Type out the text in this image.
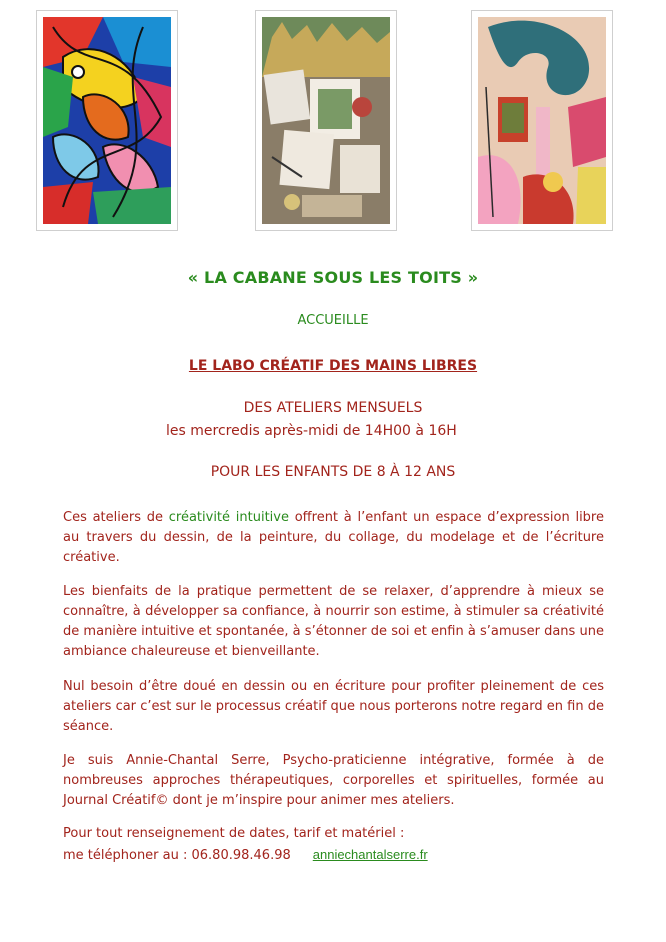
« LA CABANE SOUS LES TOITS »
ACCUEILLE
LE LABO CRÉATIF DES MAINS LIBRES
DES ATELIERS MENSUELS
les mercredis après-midi de 14H00 à 16H
POUR LES ENFANTS DE 8 À 12 ANS
Ces ateliers de créativité intuitive offrent à l’enfant un espace d’expression libre au travers du dessin, de la peinture, du collage, du modelage et de l’écriture créative.
Les bienfaits de la pratique permettent de se relaxer, d’apprendre à mieux se connaître, à développer sa confiance, à nourrir son estime, à stimuler sa créativité de manière intuitive et spontanée, à s’étonner de soi et enfin à s’amuser dans une ambiance chaleureuse et bienveillante.
Nul besoin d’être doué en dessin ou en écriture pour profiter pleinement de ces ateliers car c’est sur le processus créatif que nous porterons notre regard en fin de séance.
Je suis Annie-Chantal Serre, Psycho-praticienne intégrative, formée à de nombreuses approches thérapeutiques, corporelles et spirituelles, formée au Journal Créatif© dont je m’inspire pour animer mes ateliers.
Pour tout renseignement de dates, tarif et matériel :
me téléphoner au : 06.80.98.46.98 anniechantalserre.fr
